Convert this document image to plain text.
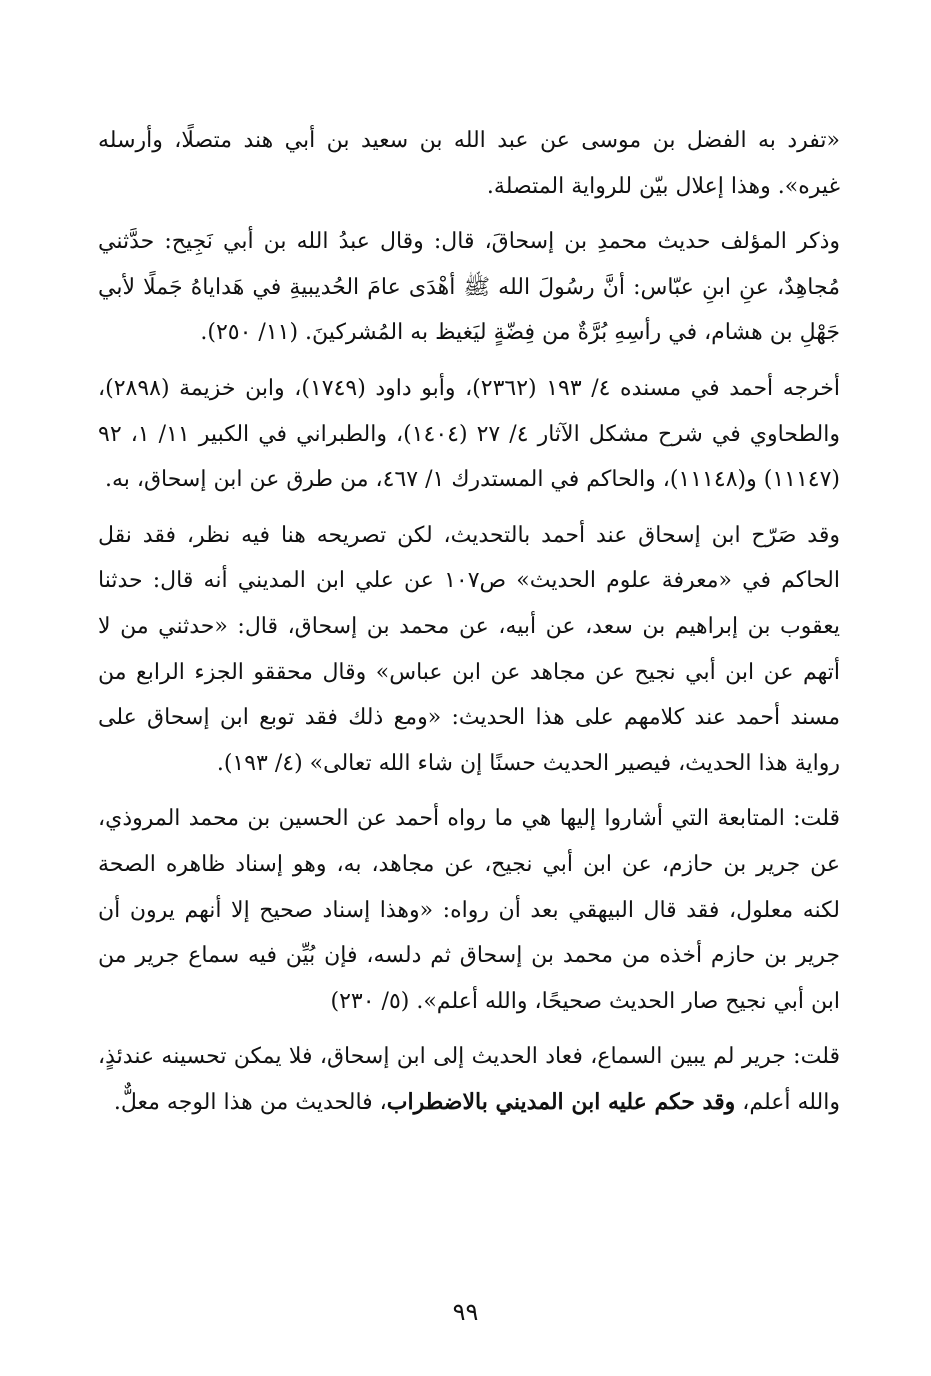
«تفرد به الفضل بن موسى عن عبد الله بن سعيد بن أبي هند متصلًا، وأرسله غيره». وهذا إعلال بيّن للرواية المتصلة.

وذكر المؤلف حديث محمدِ بن إسحاقَ، قال: وقال عبدُ الله بن أبي نَجِيح: حدَّثني مُجاهِدٌ، عنِ ابنِ عبّاس: أنَّ رسُولَ الله ﷺ أهْدَى عامَ الحُديبيةِ في هَداياهُ جَملًا لأبي جَهْلِ بن هشام، في رأسِهِ بُرَّةٌ من فِضّةٍ ليَغيظ به المُشركينَ. (١١/ ٢٥٠).

أخرجه أحمد في مسنده ٤/ ١٩٣ (٢٣٦٢)، وأبو داود (١٧٤٩)، وابن خزيمة (٢٨٩٨)، والطحاوي في شرح مشكل الآثار ٤/ ٢٧ (١٤٠٤)، والطبراني في الكبير ١١/ ١، ٩٢ (١١١٤٧) و(١١١٤٨)، والحاكم في المستدرك ١/ ٤٦٧، من طرق عن ابن إسحاق، به.

وقد صَرّح ابن إسحاق عند أحمد بالتحديث، لكن تصريحه هنا فيه نظر، فقد نقل الحاكم في «معرفة علوم الحديث» ص١٠٧ عن علي ابن المديني أنه قال: حدثنا يعقوب بن إبراهيم بن سعد، عن أبيه، عن محمد بن إسحاق، قال: «حدثني من لا أتهم عن ابن أبي نجيح عن مجاهد عن ابن عباس» وقال محققو الجزء الرابع من مسند أحمد عند كلامهم على هذا الحديث: «ومع ذلك فقد توبع ابن إسحاق على رواية هذا الحديث، فيصير الحديث حسنًا إن شاء الله تعالى» (٤/ ١٩٣).

قلت: المتابعة التي أشاروا إليها هي ما رواه أحمد عن الحسين بن محمد المروذي، عن جرير بن حازم، عن ابن أبي نجيح، عن مجاهد، به، وهو إسناد ظاهره الصحة لكنه معلول، فقد قال البيهقي بعد أن رواه: «وهذا إسناد صحيح إلا أنهم يرون أن جرير بن حازم أخذه من محمد بن إسحاق ثم دلسه، فإن بُيِّن فيه سماع جرير من ابن أبي نجيح صار الحديث صحيحًا، والله أعلم». (٥/ ٢٣٠)

قلت: جرير لم يبين السماع، فعاد الحديث إلى ابن إسحاق، فلا يمكن تحسينه عندئذٍ، والله أعلم، وقد حكم عليه ابن المديني بالاضطراب، فالحديث من هذا الوجه معلٌّ.

٩٩
